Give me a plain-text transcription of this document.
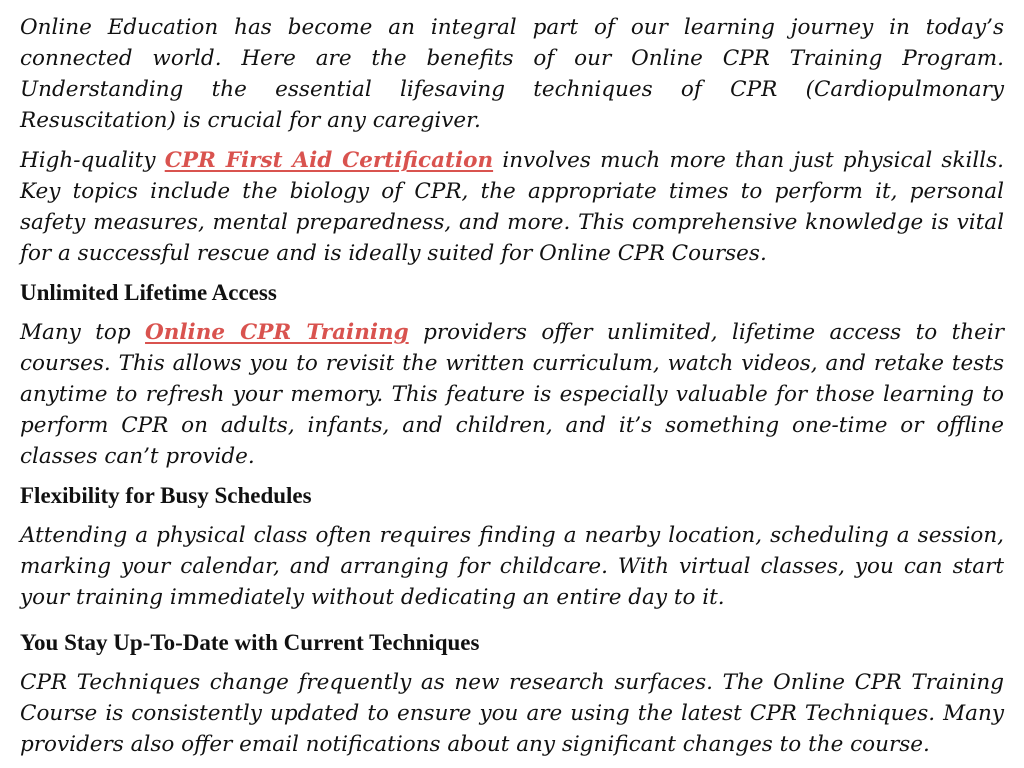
Online Education has become an integral part of our learning journey in today’s connected world. Here are the benefits of our Online CPR Training Program. Understanding the essential lifesaving techniques of CPR (Cardiopulmonary Resuscitation) is crucial for any caregiver.

High-quality CPR First Aid Certification involves much more than just physical skills. Key topics include the biology of CPR, the appropriate times to perform it, personal safety measures, mental preparedness, and more. This comprehensive knowledge is vital for a successful rescue and is ideally suited for Online CPR Courses.

Unlimited Lifetime Access

Many top Online CPR Training providers offer unlimited, lifetime access to their courses. This allows you to revisit the written curriculum, watch videos, and retake tests anytime to refresh your memory. This feature is especially valuable for those learning to perform CPR on adults, infants, and children, and it’s something one-time or offline classes can’t provide.

Flexibility for Busy Schedules

Attending a physical class often requires finding a nearby location, scheduling a session, marking your calendar, and arranging for childcare. With virtual classes, you can start your training immediately without dedicating an entire day to it.

You Stay Up-To-Date with Current Techniques

CPR Techniques change frequently as new research surfaces. The Online CPR Training Course is consistently updated to ensure you are using the latest CPR Techniques. Many providers also offer email notifications about any significant changes to the course.
